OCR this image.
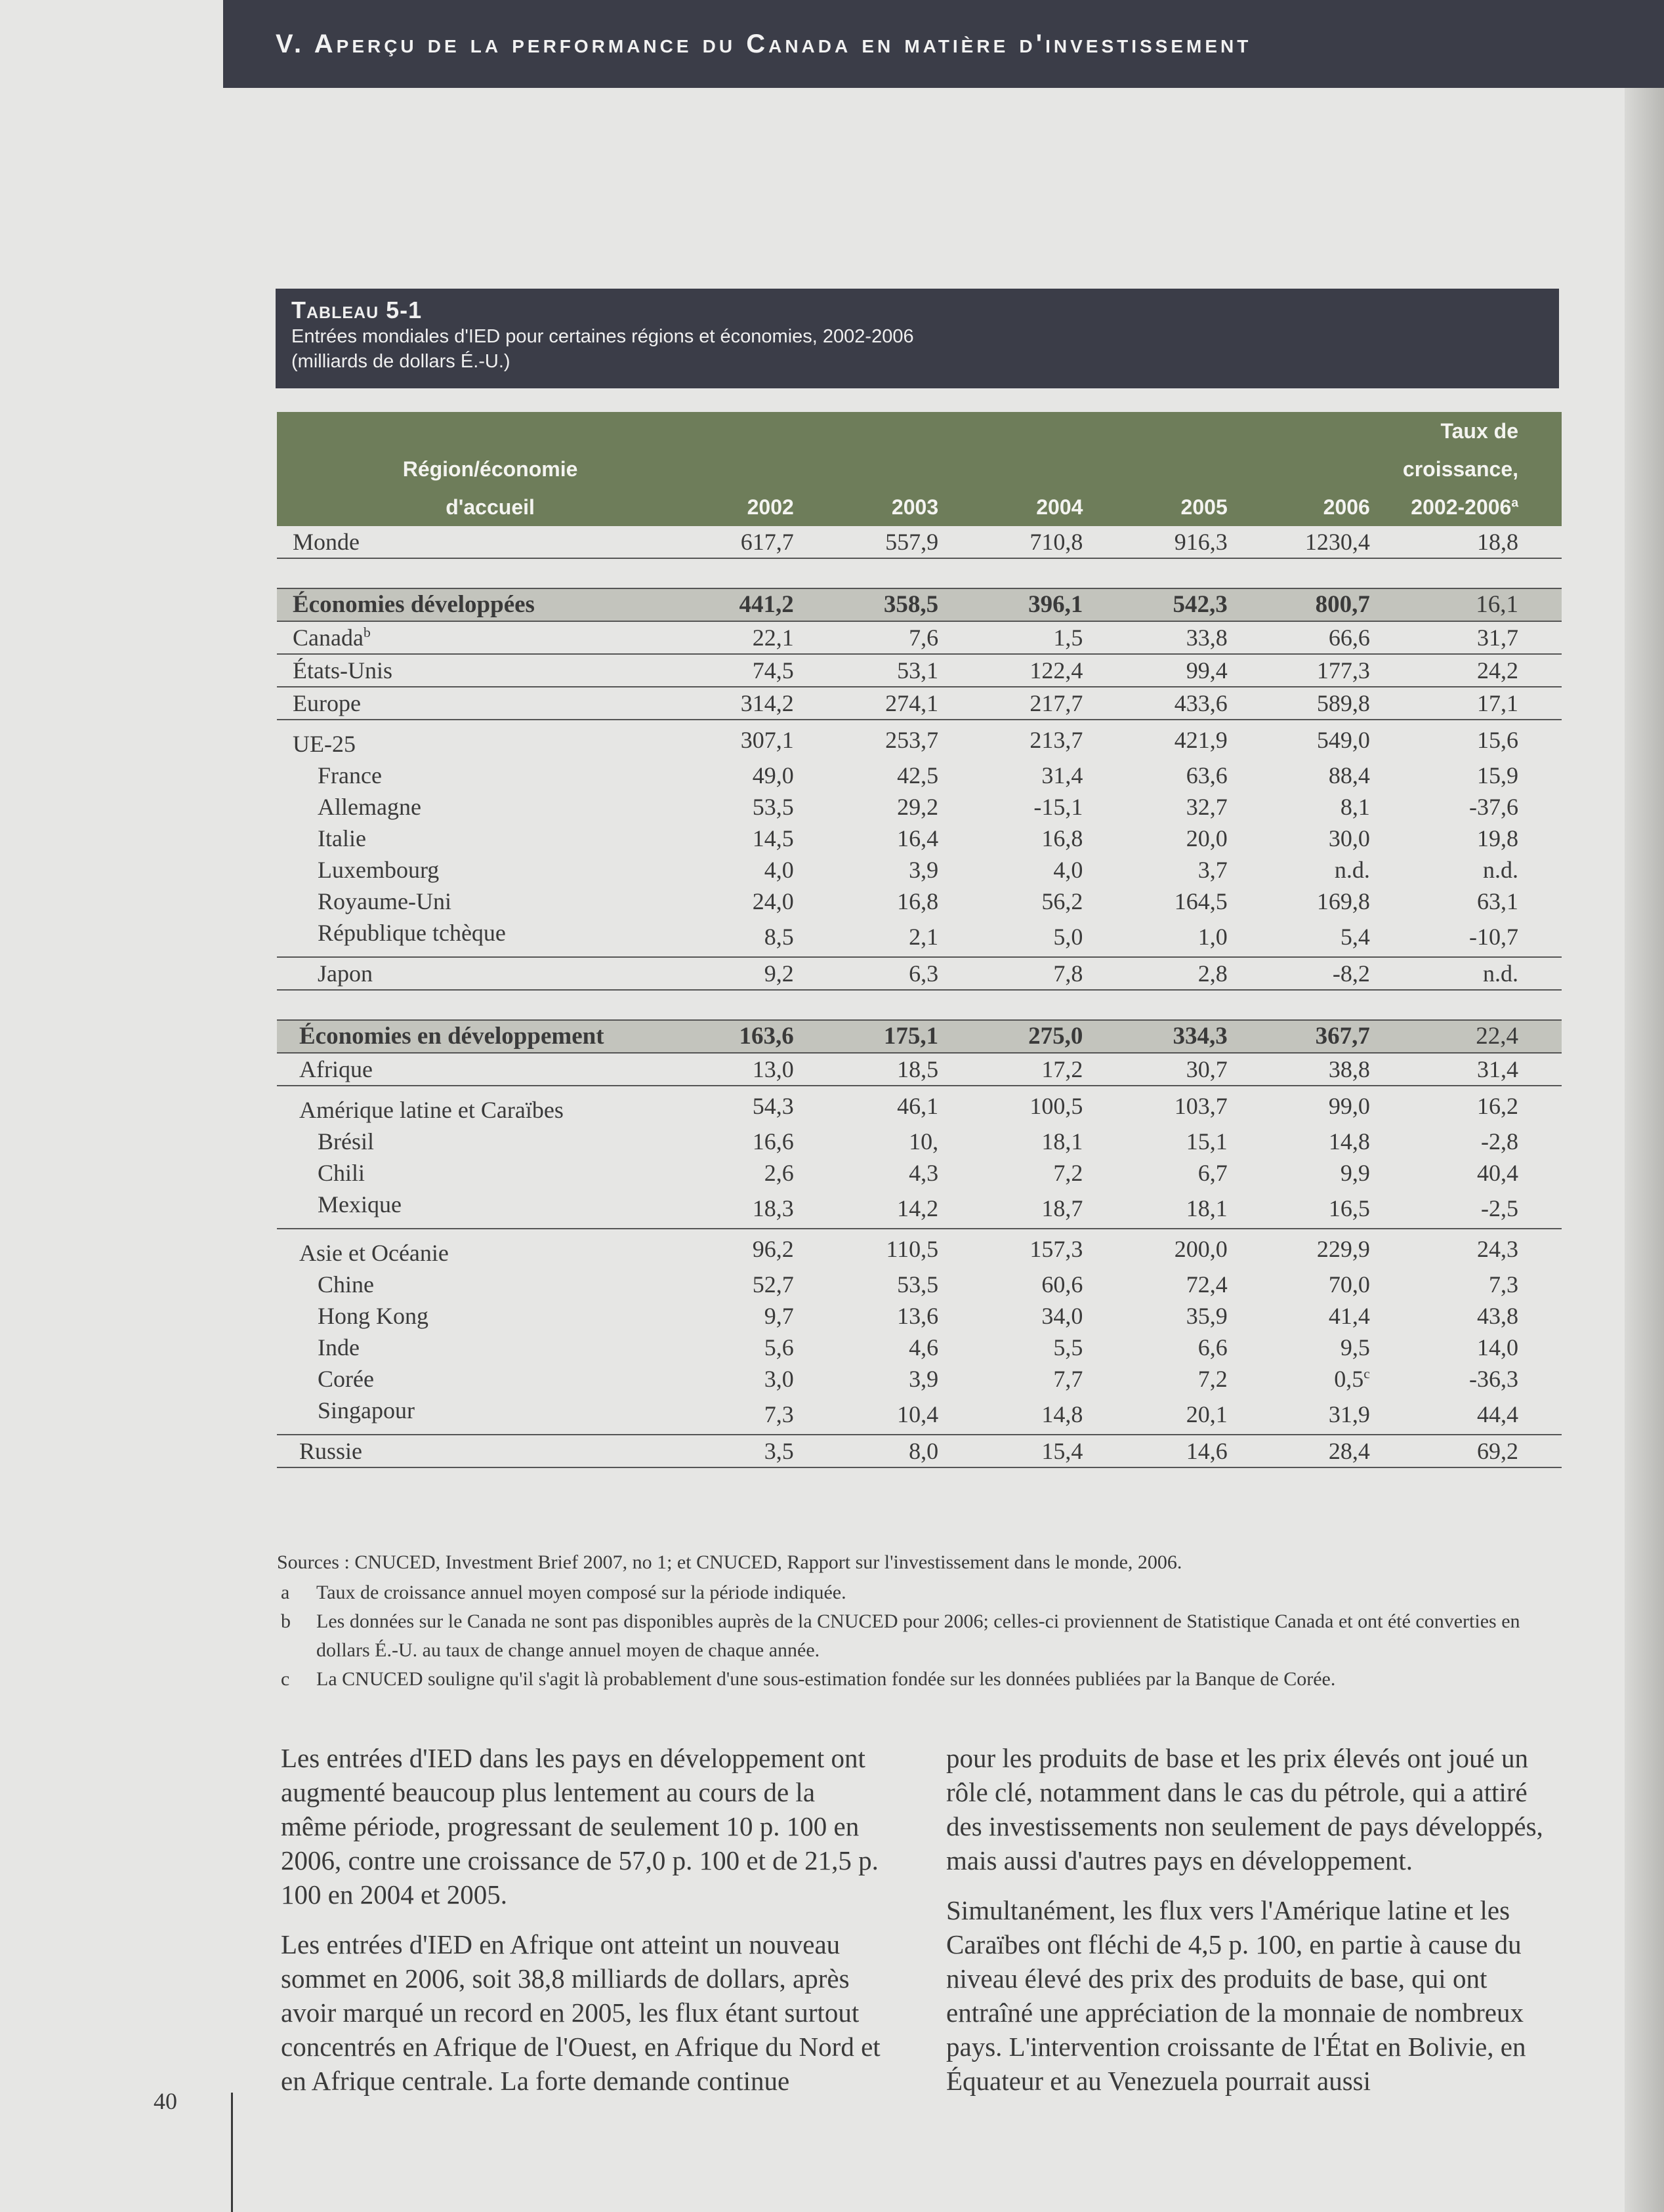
V. Aperçu de la performance du Canada en matière d'investissement
Tableau 5-1
Entrées mondiales d'IED pour certaines régions et économies, 2002-2006
(milliards de dollars É.-U.)
						Taux de
Région/économie						croissance,
d'accueil	2002	2003	2004	2005	2006	2002-2006$^a$
Monde	617,7	557,9	710,8	916,3	1230,4	18,8

Économies développées	441,2	358,5	396,1	542,3	800,7	16,1
Canada$^b$	22,1	7,6	1,5	33,8	66,6	31,7
États-Unis	74,5	53,1	122,4	99,4	177,3	24,2
Europe	314,2	274,1	217,7	433,6	589,8	17,1
UE-25	307,1	253,7	213,7	421,9	549,0	15,6
France	49,0	42,5	31,4	63,6	88,4	15,9
Allemagne	53,5	29,2	-15,1	32,7	8,1	-37,6
Italie	14,5	16,4	16,8	20,0	30,0	19,8
Luxembourg	4,0	3,9	4,0	3,7	n.d.	n.d.
Royaume-Uni	24,0	16,8	56,2	164,5	169,8	63,1
République tchèque	8,5	2,1	5,0	1,0	5,4	-10,7
Japon	9,2	6,3	7,8	2,8	-8,2	n.d.

Économies en développement	163,6	175,1	275,0	334,3	367,7	22,4
Afrique	13,0	18,5	17,2	30,7	38,8	31,4
Amérique latine et Caraïbes	54,3	46,1	100,5	103,7	99,0	16,2
Brésil	16,6	10,	18,1	15,1	14,8	-2,8
Chili	2,6	4,3	7,2	6,7	9,9	40,4
Mexique	18,3	14,2	18,7	18,1	16,5	-2,5
Asie et Océanie	96,2	110,5	157,3	200,0	229,9	24,3
Chine	52,7	53,5	60,6	72,4	70,0	7,3
Hong Kong	9,7	13,6	34,0	35,9	41,4	43,8
Inde	5,6	4,6	5,5	6,6	9,5	14,0
Corée	3,0	3,9	7,7	7,2	0,5$^c$	-36,3
Singapour	7,3	10,4	14,8	20,1	31,9	44,4
Russie	3,5	8,0	15,4	14,6	28,4	69,2
Sources : CNUCED, Investment Brief 2007, no 1; et CNUCED, Rapport sur l'investissement dans le monde, 2006.
a	Taux de croissance annuel moyen composé sur la période indiquée.
b	Les données sur le Canada ne sont pas disponibles auprès de la CNUCED pour 2006; celles-ci proviennent de Statistique Canada et ont été converties en dollars É.-U. au taux de change annuel moyen de chaque année.
c	La CNUCED souligne qu'il s'agit là probablement d'une sous-estimation fondée sur les données publiées par la Banque de Corée.

Les entrées d'IED dans les pays en développement ont augmenté beaucoup plus lentement au cours de la même période, progressant de seulement 10 p. 100 en 2006, contre une croissance de 57,0 p. 100 et de 21,5 p. 100 en 2004 et 2005.

Les entrées d'IED en Afrique ont atteint un nouveau sommet en 2006, soit 38,8 milliards de dollars, après avoir marqué un record en 2005, les flux étant surtout concentrés en Afrique de l'Ouest, en Afrique du Nord et en Afrique centrale. La forte demande continue

pour les produits de base et les prix élevés ont joué un rôle clé, notamment dans le cas du pétrole, qui a attiré des investissements non seulement de pays développés, mais aussi d'autres pays en développement.

Simultanément, les flux vers l'Amérique latine et les Caraïbes ont fléchi de 4,5 p. 100, en partie à cause du niveau élevé des prix des produits de base, qui ont entraîné une appréciation de la monnaie de nombreux pays. L'intervention croissante de l'État en Bolivie, en Équateur et au Venezuela pourrait aussi

40
